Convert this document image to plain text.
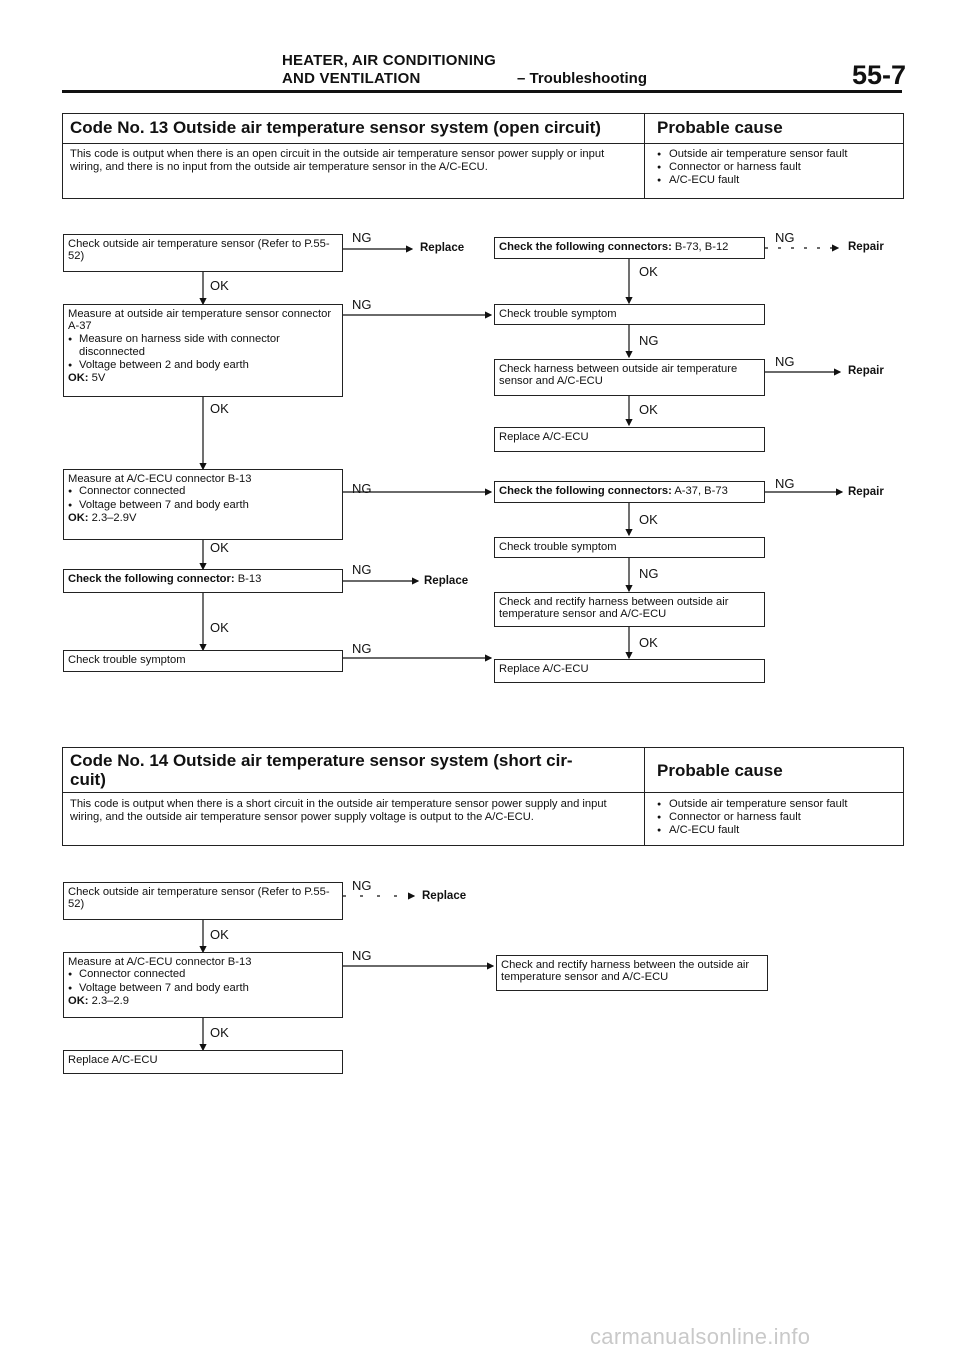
HEATER, AIR CONDITIONING
AND VENTILATION	– Troubleshooting	55-7
Code No. 13 Outside air temperature sensor system (open circuit)	Probable cause
This code is output when there is an open circuit in the outside air temperature sensor power supply or input wiring, and there is no input from the outside air temperature sensor in the A/C-ECU.
● Outside air temperature sensor fault
● Connector or harness fault
● A/C-ECU fault
Check outside air temperature sensor (Refer to P.55-52)
Measure at outside air temperature sensor connector A-37
● Measure on harness side with connector disconnected
● Voltage between 2 and body earth
OK: 5V
Measure at A/C-ECU connector B-13
● Connector connected
● Voltage between 7 and body earth
OK: 2.3–2.9V
Check the following connector: B-13
Check trouble symptom
Check the following connectors: B-73, B-12
Check trouble symptom
Check harness between outside air temperature sensor and A/C-ECU
Replace A/C-ECU
Check the following connectors: A-37, B-73
Check trouble symptom
Check and rectify harness between outside air temperature sensor and A/C-ECU
Replace A/C-ECU
OK
OK
OK
OK
NG
NG
NG
NG
NG
Replace
Replace
OK
NG
OK
OK
NG
OK
NG
NG
NG
Repair
Repair
Repair
Code No. 14 Outside air temperature sensor system (short cir-
cuit)	Probable cause
This code is output when there is a short circuit in the outside air temperature sensor power supply and input wiring, and the outside air temperature sensor power supply voltage is output to the A/C-ECU.
● Outside air temperature sensor fault
● Connector or harness fault
● A/C-ECU fault
Check outside air temperature sensor (Refer to P.55-52)
Measure at A/C-ECU connector B-13
● Connector connected
● Voltage between 7 and body earth
OK: 2.3–2.9
Replace A/C-ECU
Check and rectify harness between the outside air temperature sensor and A/C-ECU
OK
OK
NG
NG
Replace
carmanualsonline.info
